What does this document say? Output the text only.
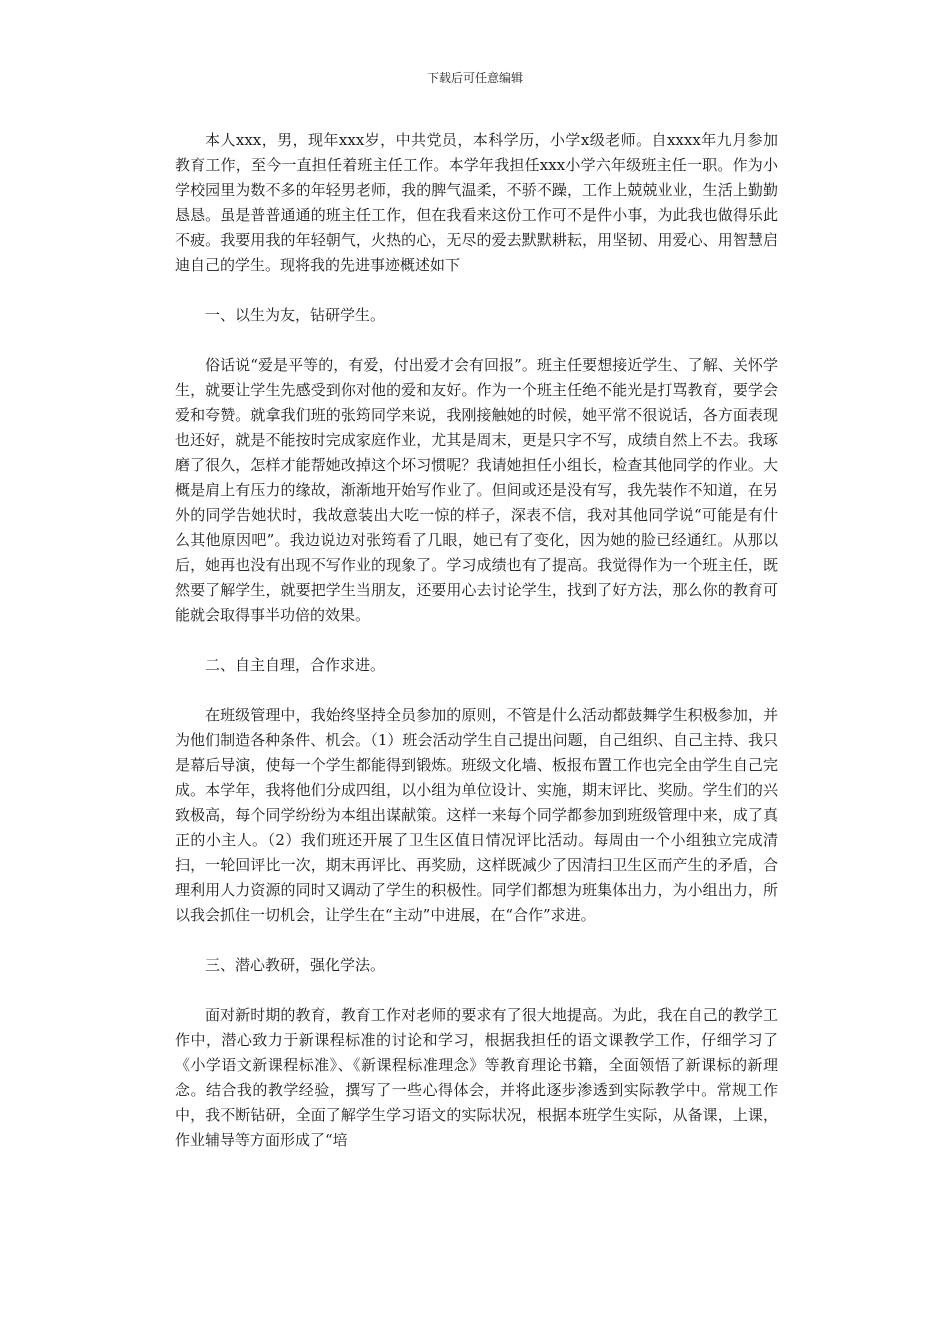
下载后可任意编辑

本人xxx，男，现年xxx岁，中共党员，本科学历，小学x级老师。自xxxx年九月参加教育工作，至今一直担任着班主任工作。本学年我担任xxx小学六年级班主任一职。作为小学校园里为数不多的年轻男老师，我的脾气温柔，不骄不躁，工作上兢兢业业，生活上勤勤恳恳。虽是普普通通的班主任工作，但在我看来这份工作可不是件小事，为此我也做得乐此不疲。我要用我的年轻朝气，火热的心，无尽的爱去默默耕耘，用坚韧、用爱心、用智慧启迪自己的学生。现将我的先进事迹概述如下

一、以生为友，钻研学生。

俗话说“爱是平等的，有爱，付出爱才会有回报”。班主任要想接近学生、了解、关怀学生，就要让学生先感受到你对他的爱和友好。作为一个班主任绝不能光是打骂教育，要学会爱和夸赞。就拿我们班的张筠同学来说，我刚接触她的时候，她平常不很说话，各方面表现也还好，就是不能按时完成家庭作业，尤其是周末，更是只字不写，成绩自然上不去。我琢磨了很久，怎样才能帮她改掉这个坏习惯呢？我请她担任小组长，检查其他同学的作业。大概是肩上有压力的缘故，渐渐地开始写作业了。但间或还是没有写，我先装作不知道，在另外的同学告她状时，我故意装出大吃一惊的样子，深表不信，我对其他同学说“可能是有什么其他原因吧”。我边说边对张筠看了几眼，她已有了变化，因为她的脸已经通红。从那以后，她再也没有出现不写作业的现象了。学习成绩也有了提高。我觉得作为一个班主任，既然要了解学生，就要把学生当朋友，还要用心去讨论学生，找到了好方法，那么你的教育可能就会取得事半功倍的效果。

二、自主自理，合作求进。

在班级管理中，我始终坚持全员参加的原则，不管是什么活动都鼓舞学生积极参加，并为他们制造各种条件、机会。（1）班会活动学生自己提出问题，自己组织、自己主持、我只是幕后导演，使每一个学生都能得到锻炼。班级文化墙、板报布置工作也完全由学生自己完成。本学年，我将他们分成四组，以小组为单位设计、实施，期末评比、奖励。学生们的兴致极高，每个同学纷纷为本组出谋献策。这样一来每个同学都参加到班级管理中来，成了真正的小主人。（2）我们班还开展了卫生区值日情况评比活动。每周由一个小组独立完成清扫，一轮回评比一次，期末再评比、再奖励，这样既减少了因清扫卫生区而产生的矛盾，合理利用人力资源的同时又调动了学生的积极性。同学们都想为班集体出力，为小组出力，所以我会抓住一切机会，让学生在“主动”中进展，在“合作”求进。

三、潜心教研，强化学法。

面对新时期的教育，教育工作对老师的要求有了很大地提高。为此，我在自己的教学工作中，潜心致力于新课程标准的讨论和学习，根据我担任的语文课教学工作，仔细学习了《小学语文新课程标准》、《新课程标准理念》等教育理论书籍，全面领悟了新课标的新理念。结合我的教学经验，撰写了一些心得体会，并将此逐步渗透到实际教学中。常规工作中，我不断钻研，全面了解学生学习语文的实际状况，根据本班学生实际，从备课，上课，作业辅导等方面形成了“培
